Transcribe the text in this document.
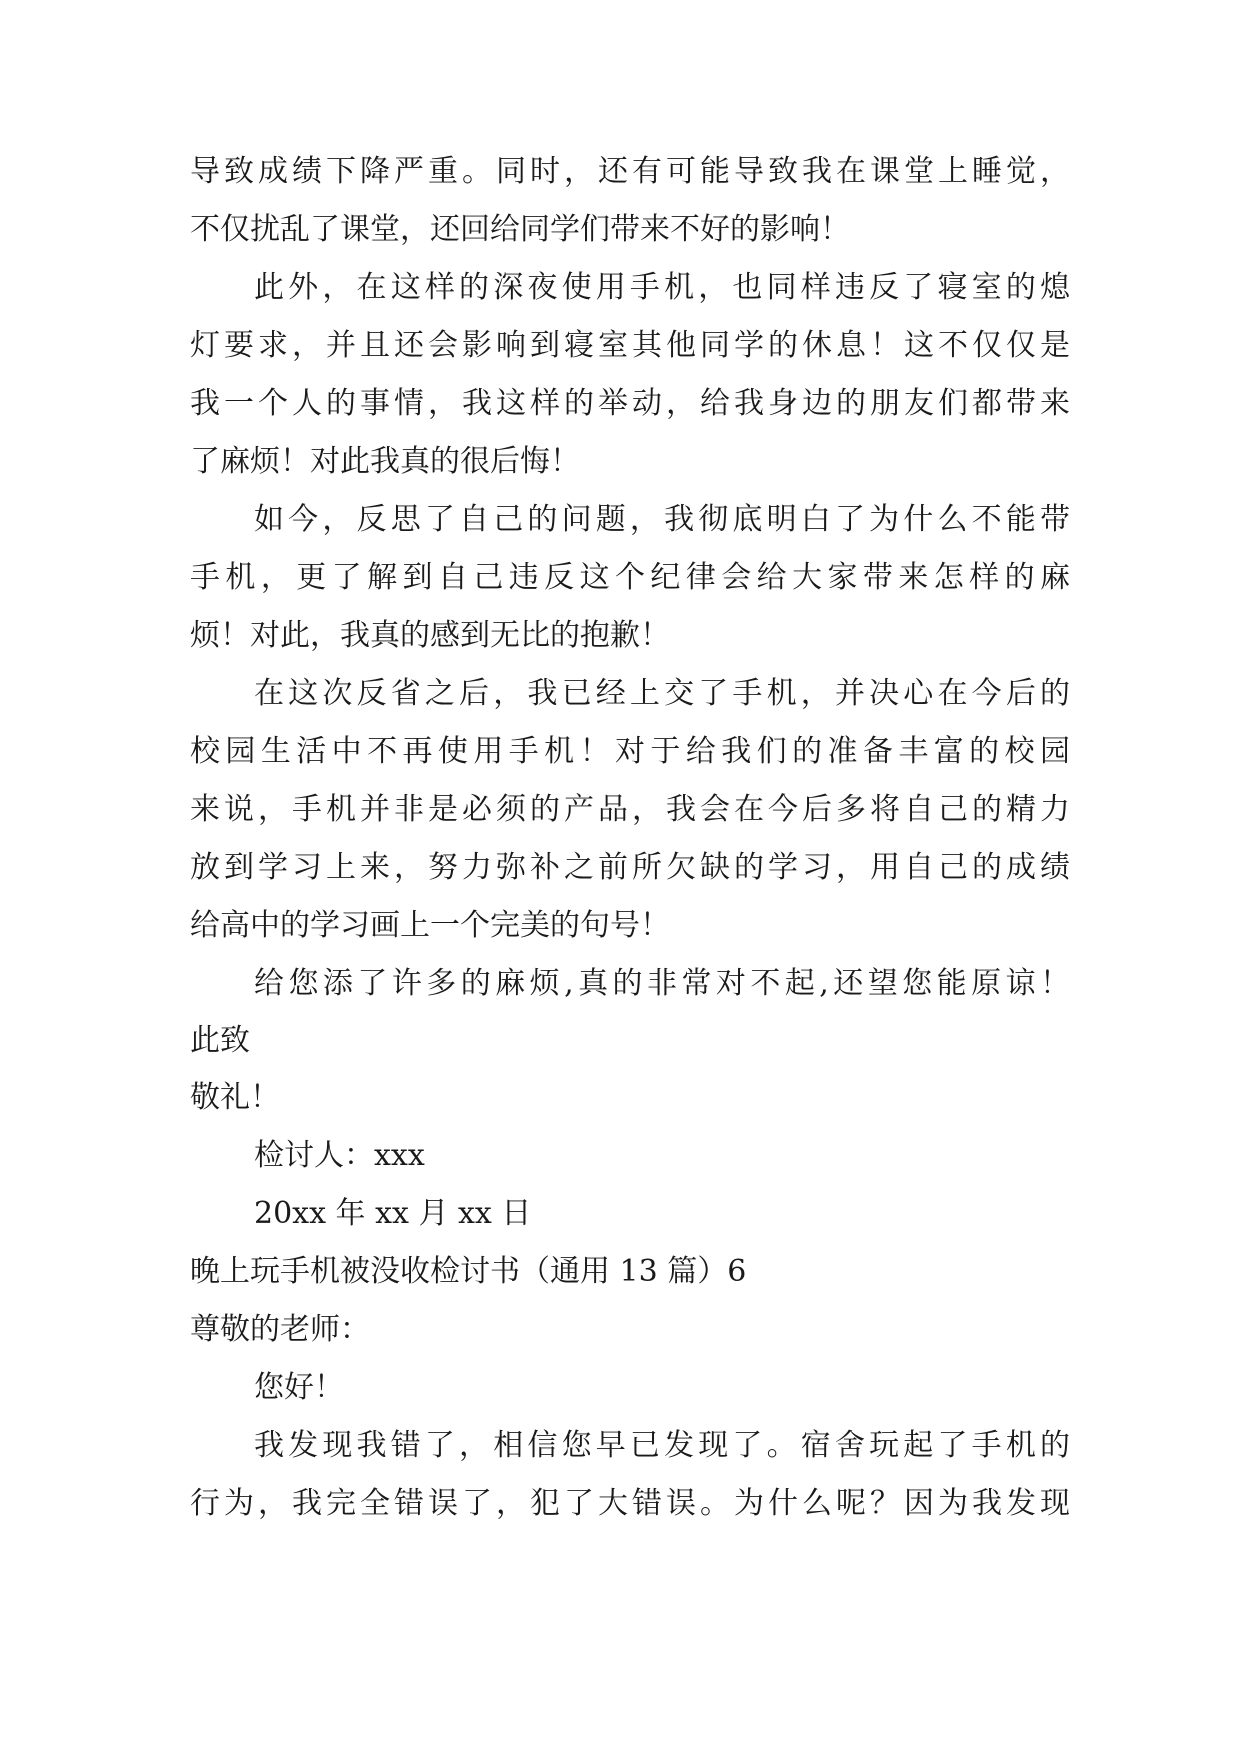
导致成绩下降严重。同时，还有可能导致我在课堂上睡觉，
不仅扰乱了课堂，还回给同学们带来不好的影响！
此外，在这样的深夜使用手机，也同样违反了寝室的熄
灯要求，并且还会影响到寝室其他同学的休息！这不仅仅是
我一个人的事情，我这样的举动，给我身边的朋友们都带来
了麻烦！对此我真的很后悔！
如今，反思了自己的问题，我彻底明白了为什么不能带
手机，更了解到自己违反这个纪律会给大家带来怎样的麻
烦！对此，我真的感到无比的抱歉！
在这次反省之后，我已经上交了手机，并决心在今后的
校园生活中不再使用手机！对于给我们的准备丰富的校园
来说，手机并非是必须的产品，我会在今后多将自己的精力
放到学习上来，努力弥补之前所欠缺的学习，用自己的成绩
给高中的学习画上一个完美的句号！
给您添了许多的麻烦,真的非常对不起,还望您能原谅！
此致
敬礼！
检讨人：xxx
20xx 年 xx 月 xx 日
晚上玩手机被没收检讨书（通用 13 篇）6
尊敬的老师：
您好！
我发现我错了，相信您早已发现了。宿舍玩起了手机的
行为，我完全错误了，犯了大错误。为什么呢？因为我发现
